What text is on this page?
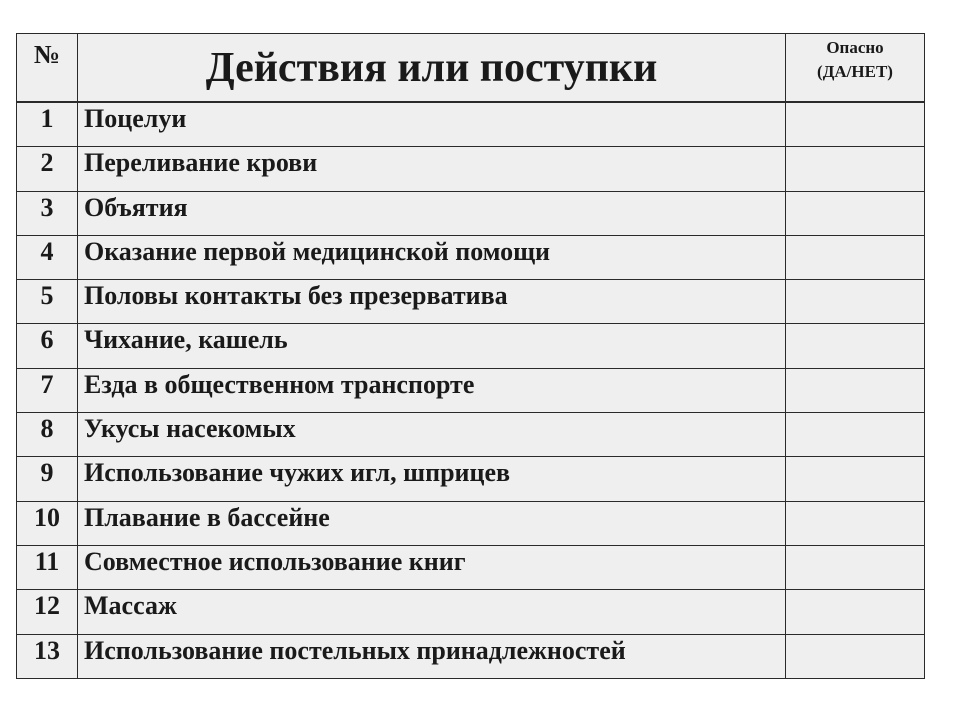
№	Действия или поступки	Опасно
(ДА/НЕТ)

1	Поцелуи	
2	Переливание крови	
3	Объятия	
4	Оказание первой медицинской помощи	
5	Половы контакты без презерватива	
6	Чихание, кашель	
7	Езда в общественном транспорте	
8	Укусы насекомых	
9	Использование чужих игл, шприцев	
10	Плавание в бассейне	
11	Совместное использование книг	
12	Массаж	
13	Использование постельных принадлежностей	
